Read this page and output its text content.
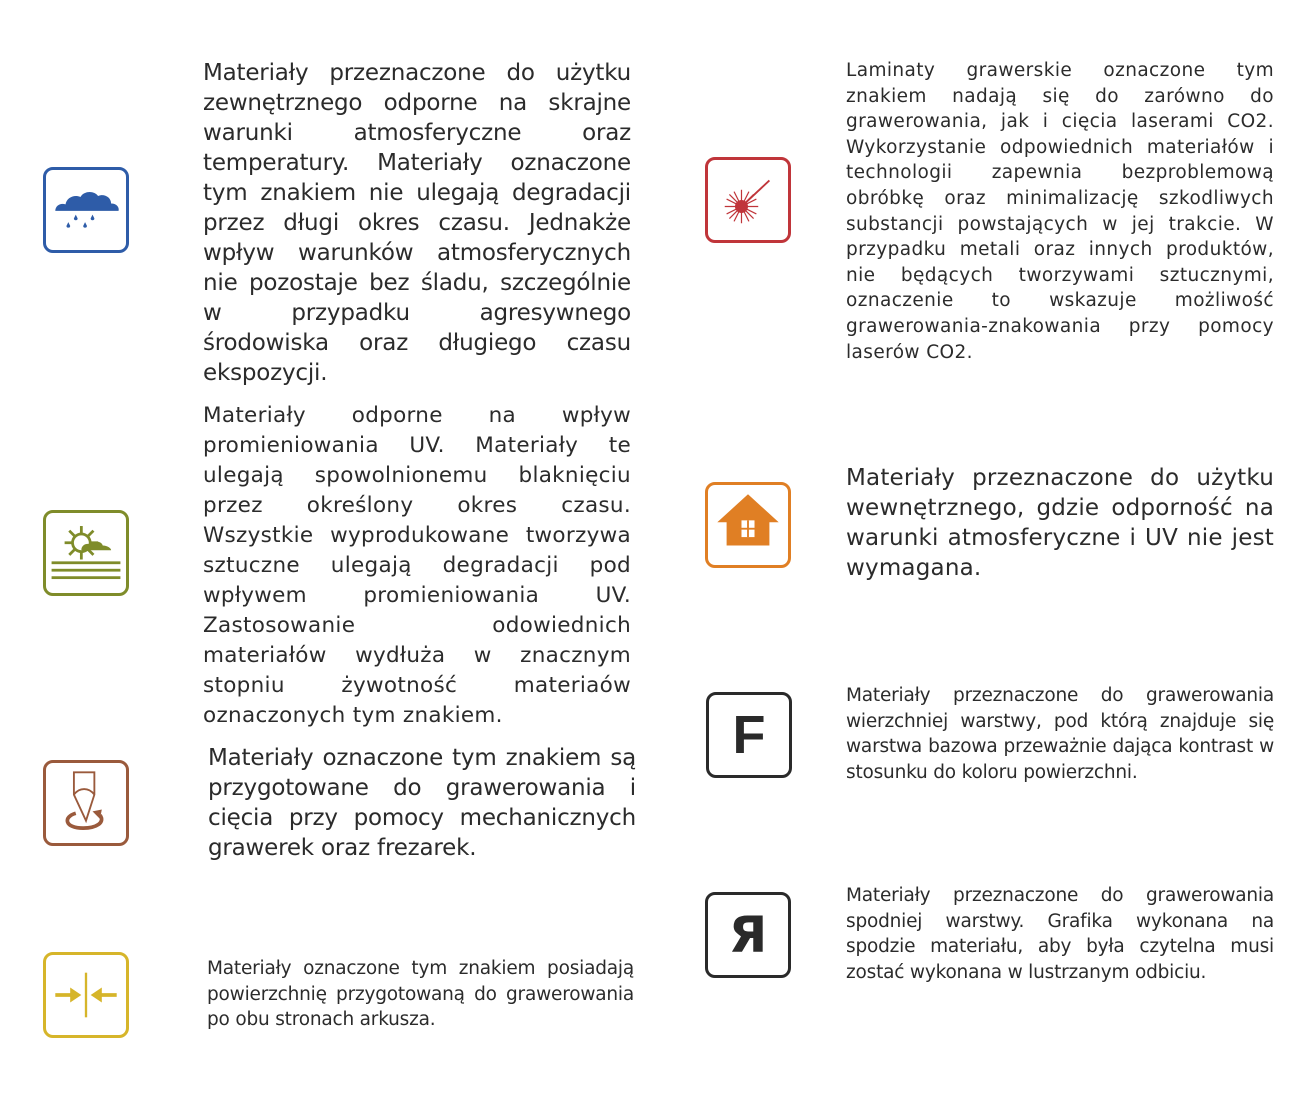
Materiały przeznaczone do użytku zewnętrznego odporne na skrajne warunki atmosferyczne oraz temperatury. Materiały oznaczone tym znakiem nie ulegają degradacji przez długi okres czasu. Jednakże wpływ warunków atmosferycznych nie pozostaje bez śladu, szczególnie w przypadku agresywnego środowiska oraz długiego czasu ekspozycji.

Materiały odporne na wpływ promieniowania UV. Materiały te ulegają spowolnionemu blaknięciu przez określony okres czasu. Wszystkie wyprodukowane tworzywa sztuczne ulegają degradacji pod wpływem promieniowania UV. Zastosowanie odowiednich materiałów wydłuża w znacznym stopniu żywotność materiaów oznaczonych tym znakiem.

Materiały oznaczone tym znakiem są przygotowane do grawerowania i cięcia przy pomocy mechanicznych grawerek oraz frezarek.

Materiały oznaczone tym znakiem posiadają powierzchnię przygotowaną do grawerowania po obu stronach arkusza.

Laminaty grawerskie oznaczone tym znakiem nadają się do zarówno do grawerowania, jak i cięcia laserami CO2. Wykorzystanie odpowiednich materiałów i technologii zapewnia bezproblemową obróbkę oraz minimalizację szkodliwych substancji powstających w jej trakcie. W przypadku metali oraz innych produktów, nie będących tworzywami sztucznymi, oznaczenie to wskazuje możliwość grawerowania-znakowania przy pomocy laserów CO2.

Materiały przeznaczone do użytku wewnętrznego, gdzie odporność na warunki atmosferyczne i UV nie jest wymagana.

F

Materiały przeznaczone do grawerowania wierzchniej warstwy, pod którą znajduje się warstwa bazowa przeważnie dająca kontrast w stosunku do koloru powierzchni.

Я

Materiały przeznaczone do grawerowania spodniej warstwy. Grafika wykonana na spodzie materiału, aby była czytelna musi zostać wykonana w lustrzanym odbiciu.
